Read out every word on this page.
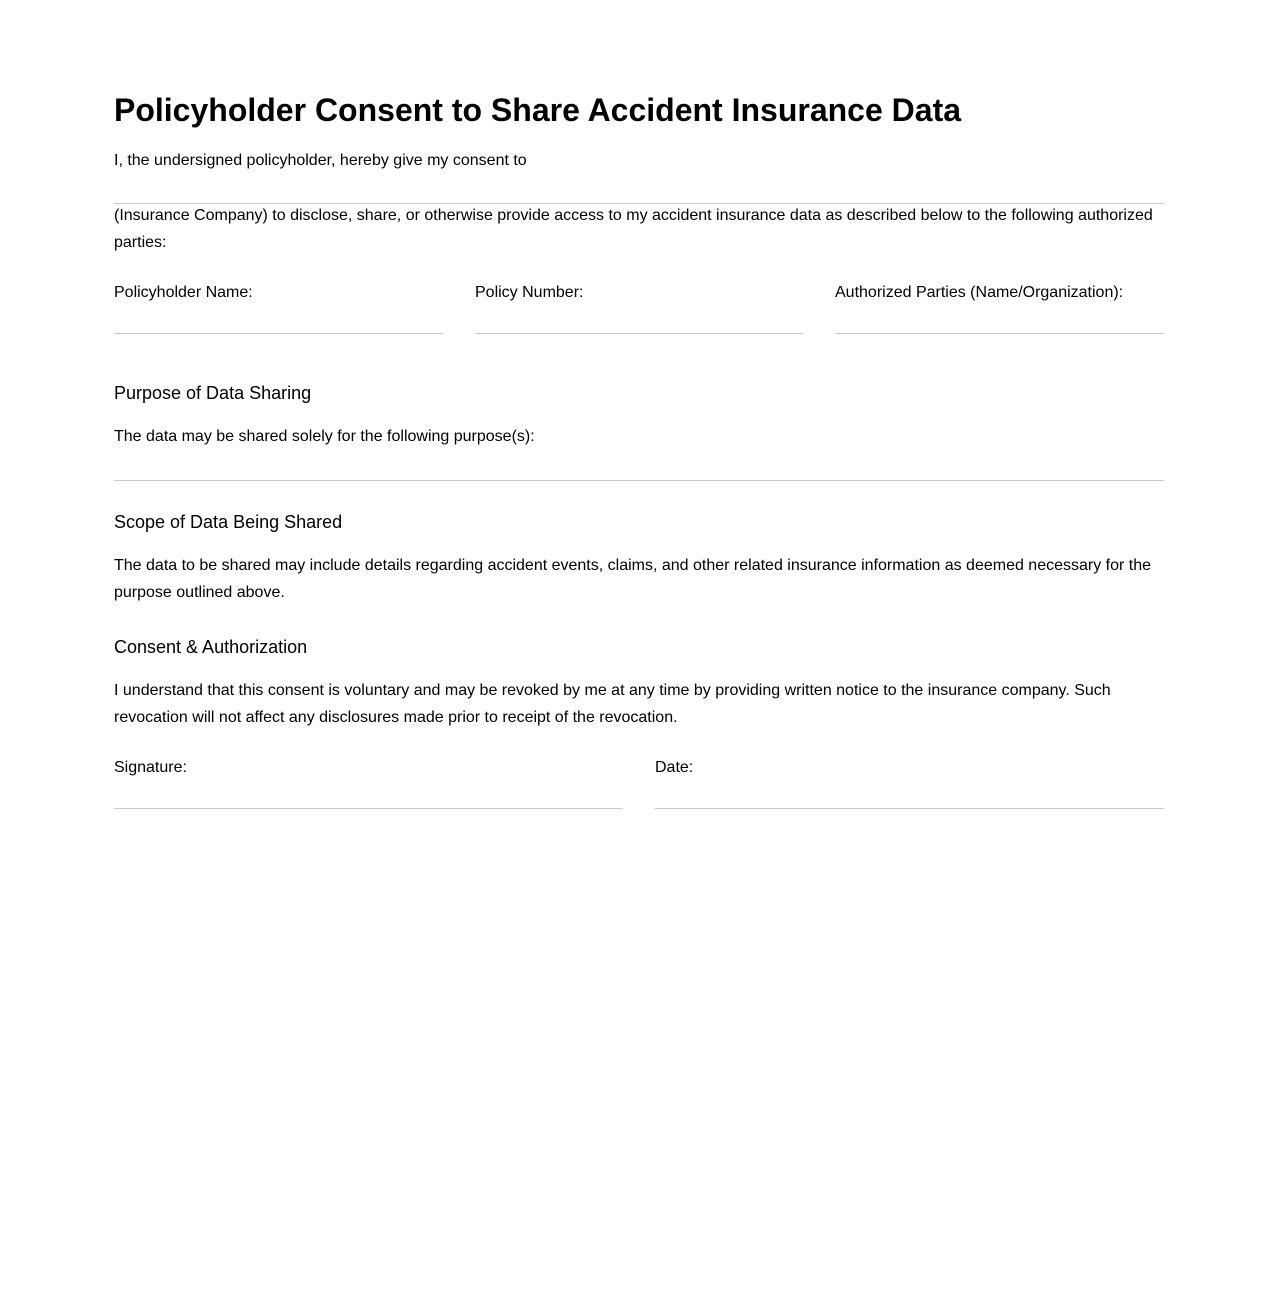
Policyholder Consent to Share Accident Insurance Data

I, the undersigned policyholder, hereby give my consent to

(Insurance Company) to disclose, share, or otherwise provide access to my accident insurance data as described below to the following authorized parties:

Policyholder Name:	Policy Number:	Authorized Parties (Name/Organization):
Purpose of Data Sharing
The data may be shared solely for the following purpose(s):
Scope of Data Being Shared

The data to be shared may include details regarding accident events, claims, and other related insurance information as deemed necessary for the purpose outlined above.

Consent & Authorization

I understand that this consent is voluntary and may be revoked by me at any time by providing written notice to the insurance company. Such revocation will not affect any disclosures made prior to receipt of the revocation.

Signature:	Date:
